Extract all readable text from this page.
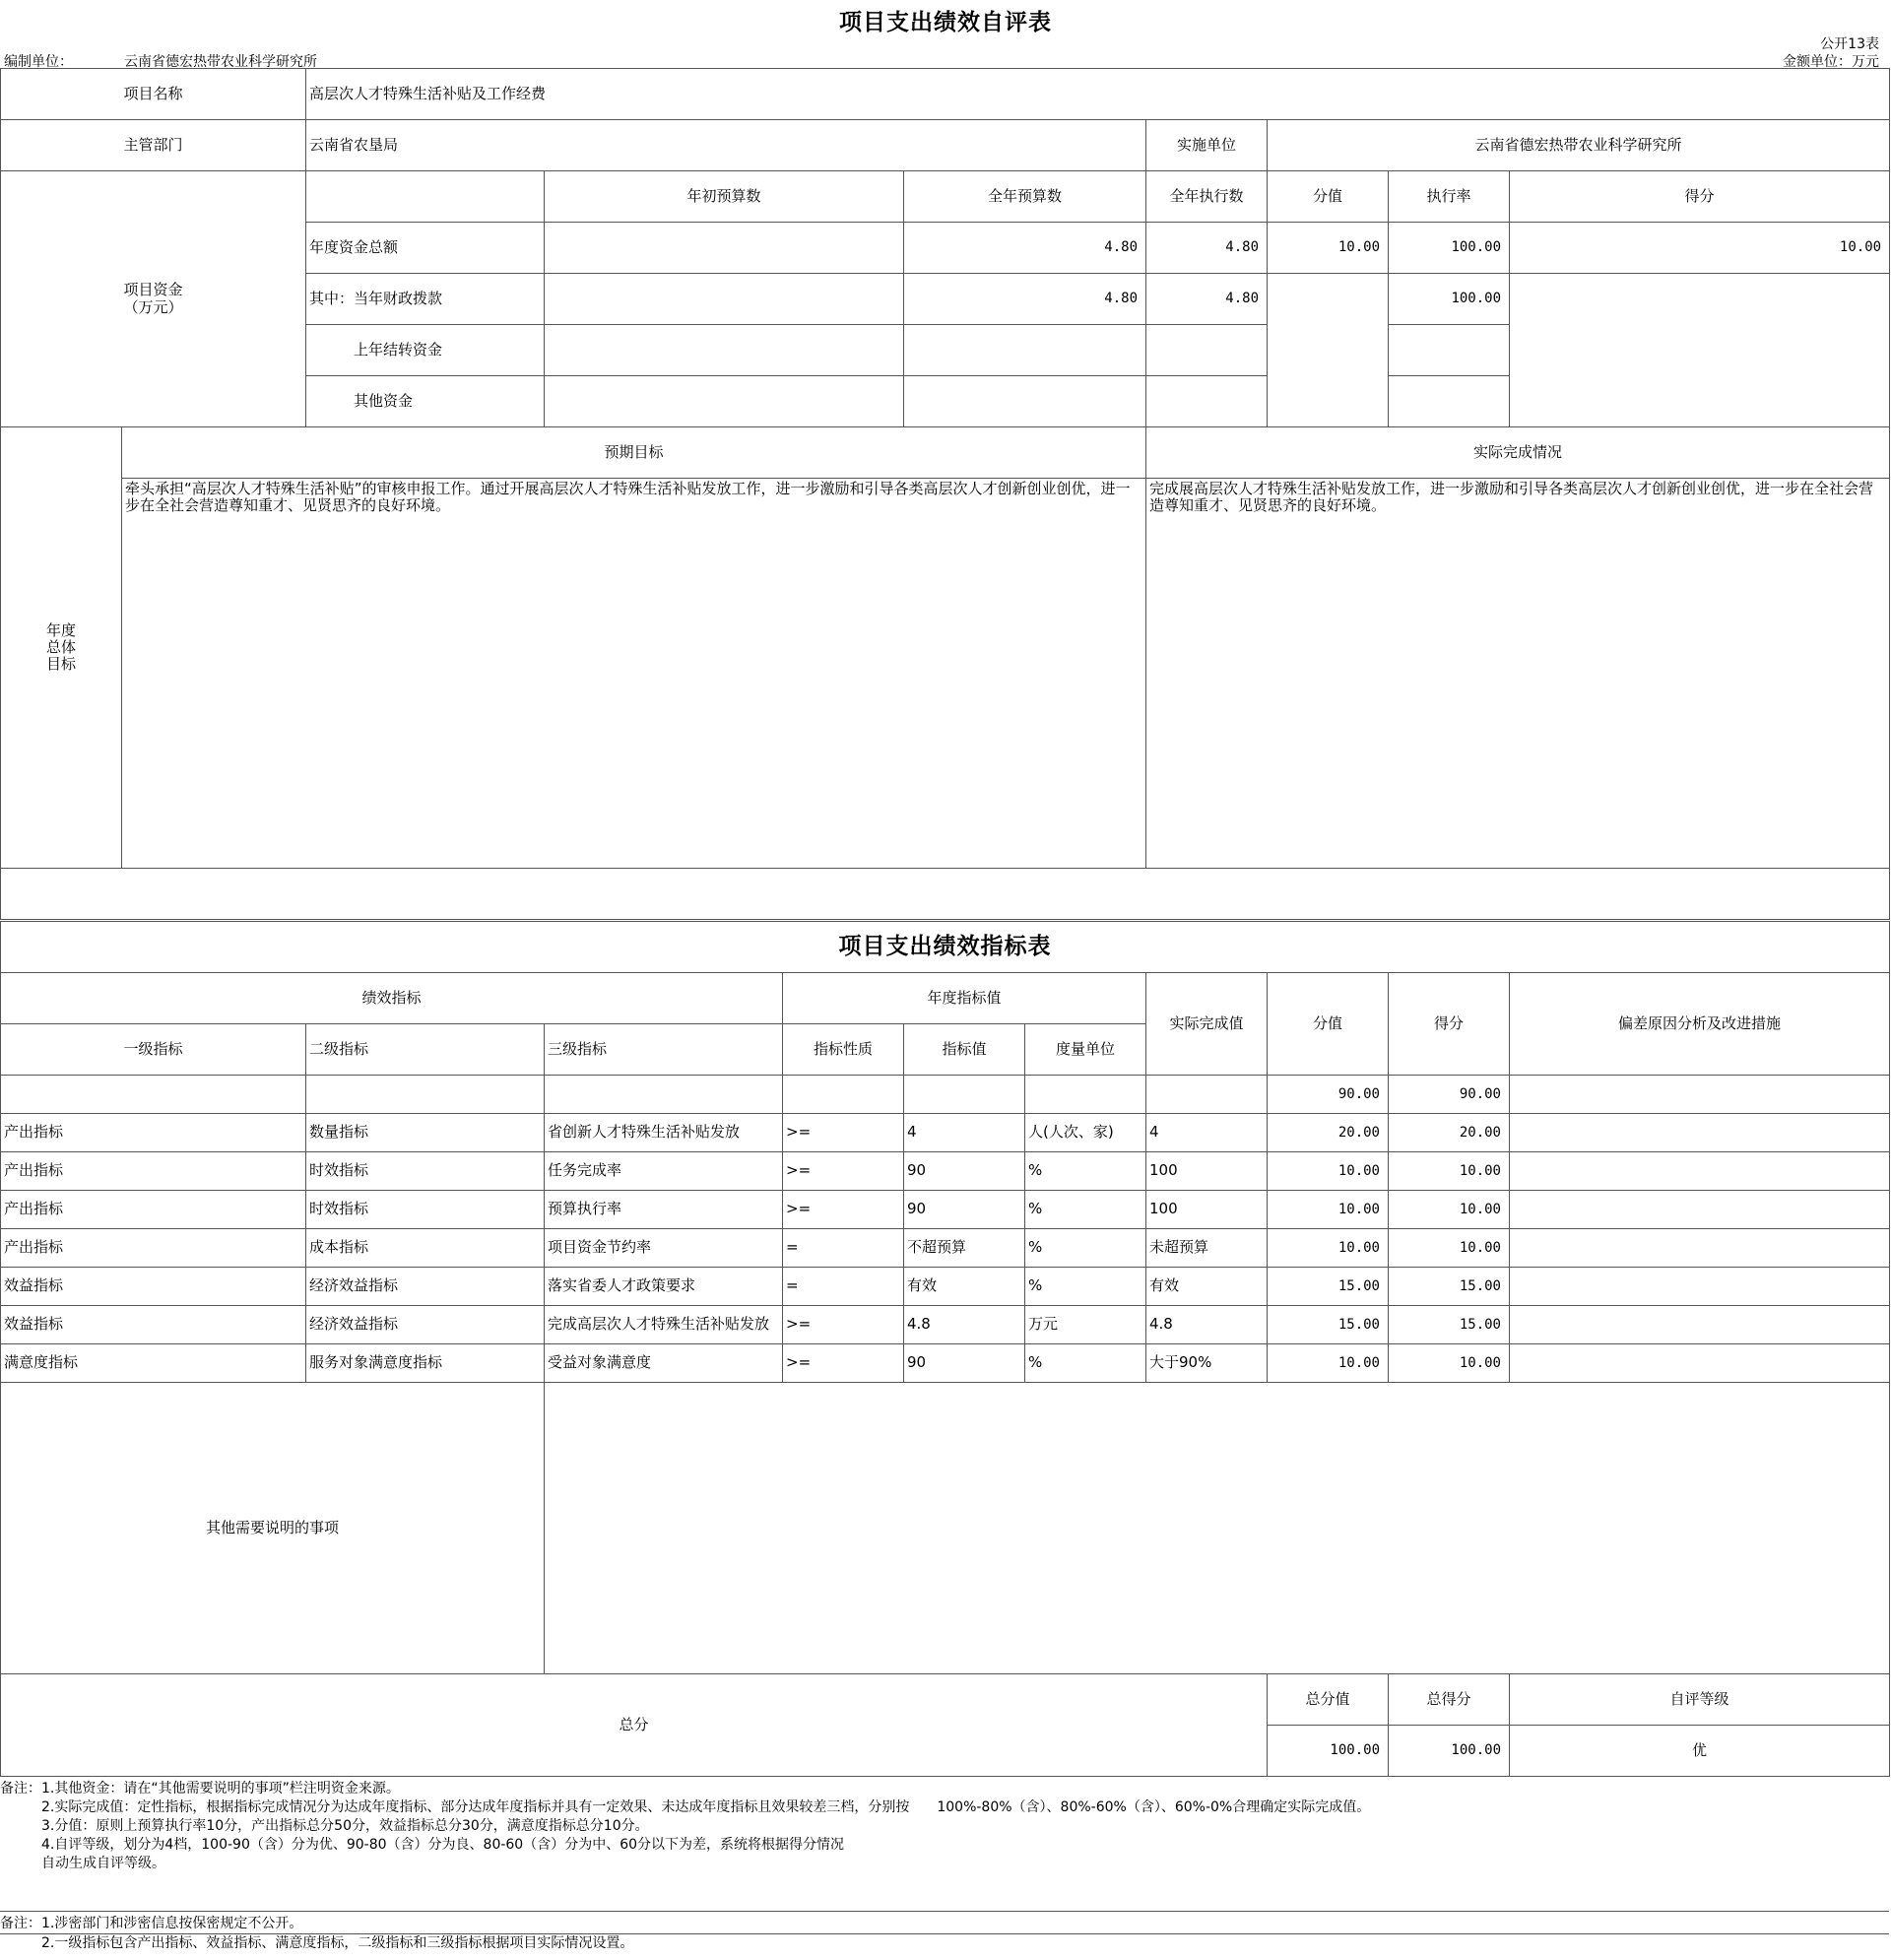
项目支出绩效自评表
公开13表
编制单位：	云南省德宏热带农业科学研究所	金额单位：万元
项目名称		高层次人才特殊生活补贴及工作经费						
主管部门		云南省农垦局			实施单位	云南省德宏热带农业科学研究所		
项目资金
（万元）			年初预算数	全年预算数	全年执行数	分值	执行率	得分
		年度资金总额		4.80	4.80	10.00	100.00	10.00
		其中：当年财政拨款		4.80	4.80		100.00	
		上年结转资金						
		其他资金						
年度
总体
目标	预期目标				实际完成情况			
	牵头承担“高层次人才特殊生活补贴”的审核申报工作。通过开展高层次人才特殊生活补贴发放工作，进一步激励和引导各类高层次人才创新创业创优，进一步在全社会营造尊知重才、见贤思齐的良好环境。				完成展高层次人才特殊生活补贴发放工作，进一步激励和引导各类高层次人才创新创业创优，进一步在全社会营造尊知重才、见贤思齐的良好环境。			

项目支出绩效指标表									
绩效指标			年度指标值			实际完成值	分值	得分	偏差原因分析及改进措施
一级指标	二级指标	三级指标	指标性质	指标值	度量单位				
							90.00	90.00	
产出指标	数量指标	省创新人才特殊生活补贴发放	>=	4	人(人次、家)	4	20.00	20.00	
产出指标	时效指标	任务完成率	>=	90	%	100	10.00	10.00	
产出指标	时效指标	预算执行率	>=	90	%	100	10.00	10.00	
产出指标	成本指标	项目资金节约率	=	不超预算	%	未超预算	10.00	10.00	
效益指标	经济效益指标	落实省委人才政策要求	=	有效	%	有效	15.00	15.00	
效益指标	经济效益指标	完成高层次人才特殊生活补贴发放	>=	4.8	万元	4.8	15.00	15.00	
满意度指标	服务对象满意度指标	受益对象满意度	>=	90	%	大于90%	10.00	10.00	
其他需要说明的事项									
总分							总分值	总得分	自评等级
							100.00	100.00	优
备注：1.其他资金：请在“其他需要说明的事项”栏注明资金来源。
　　　2.实际完成值：定性指标，根据指标完成情况分为达成年度指标、部分达成年度指标并具有一定效果、未达成年度指标且效果较差三档，分别按　　100%-80%（含）、80%-60%（含）、60%-0%合理确定实际完成值。
　　　3.分值：原则上预算执行率10分，产出指标总分50分，效益指标总分30分，满意度指标总分10分。
　　　4.自评等级，划分为4档，100-90（含）分为优、90-80（含）分为良、80-60（含）分为中、60分以下为差，系统将根据得分情况
　　　自动生成自评等级。
备注：1.涉密部门和涉密信息按保密规定不公开。
　　　2.一级指标包含产出指标、效益指标、满意度指标，二级指标和三级指标根据项目实际情况设置。
